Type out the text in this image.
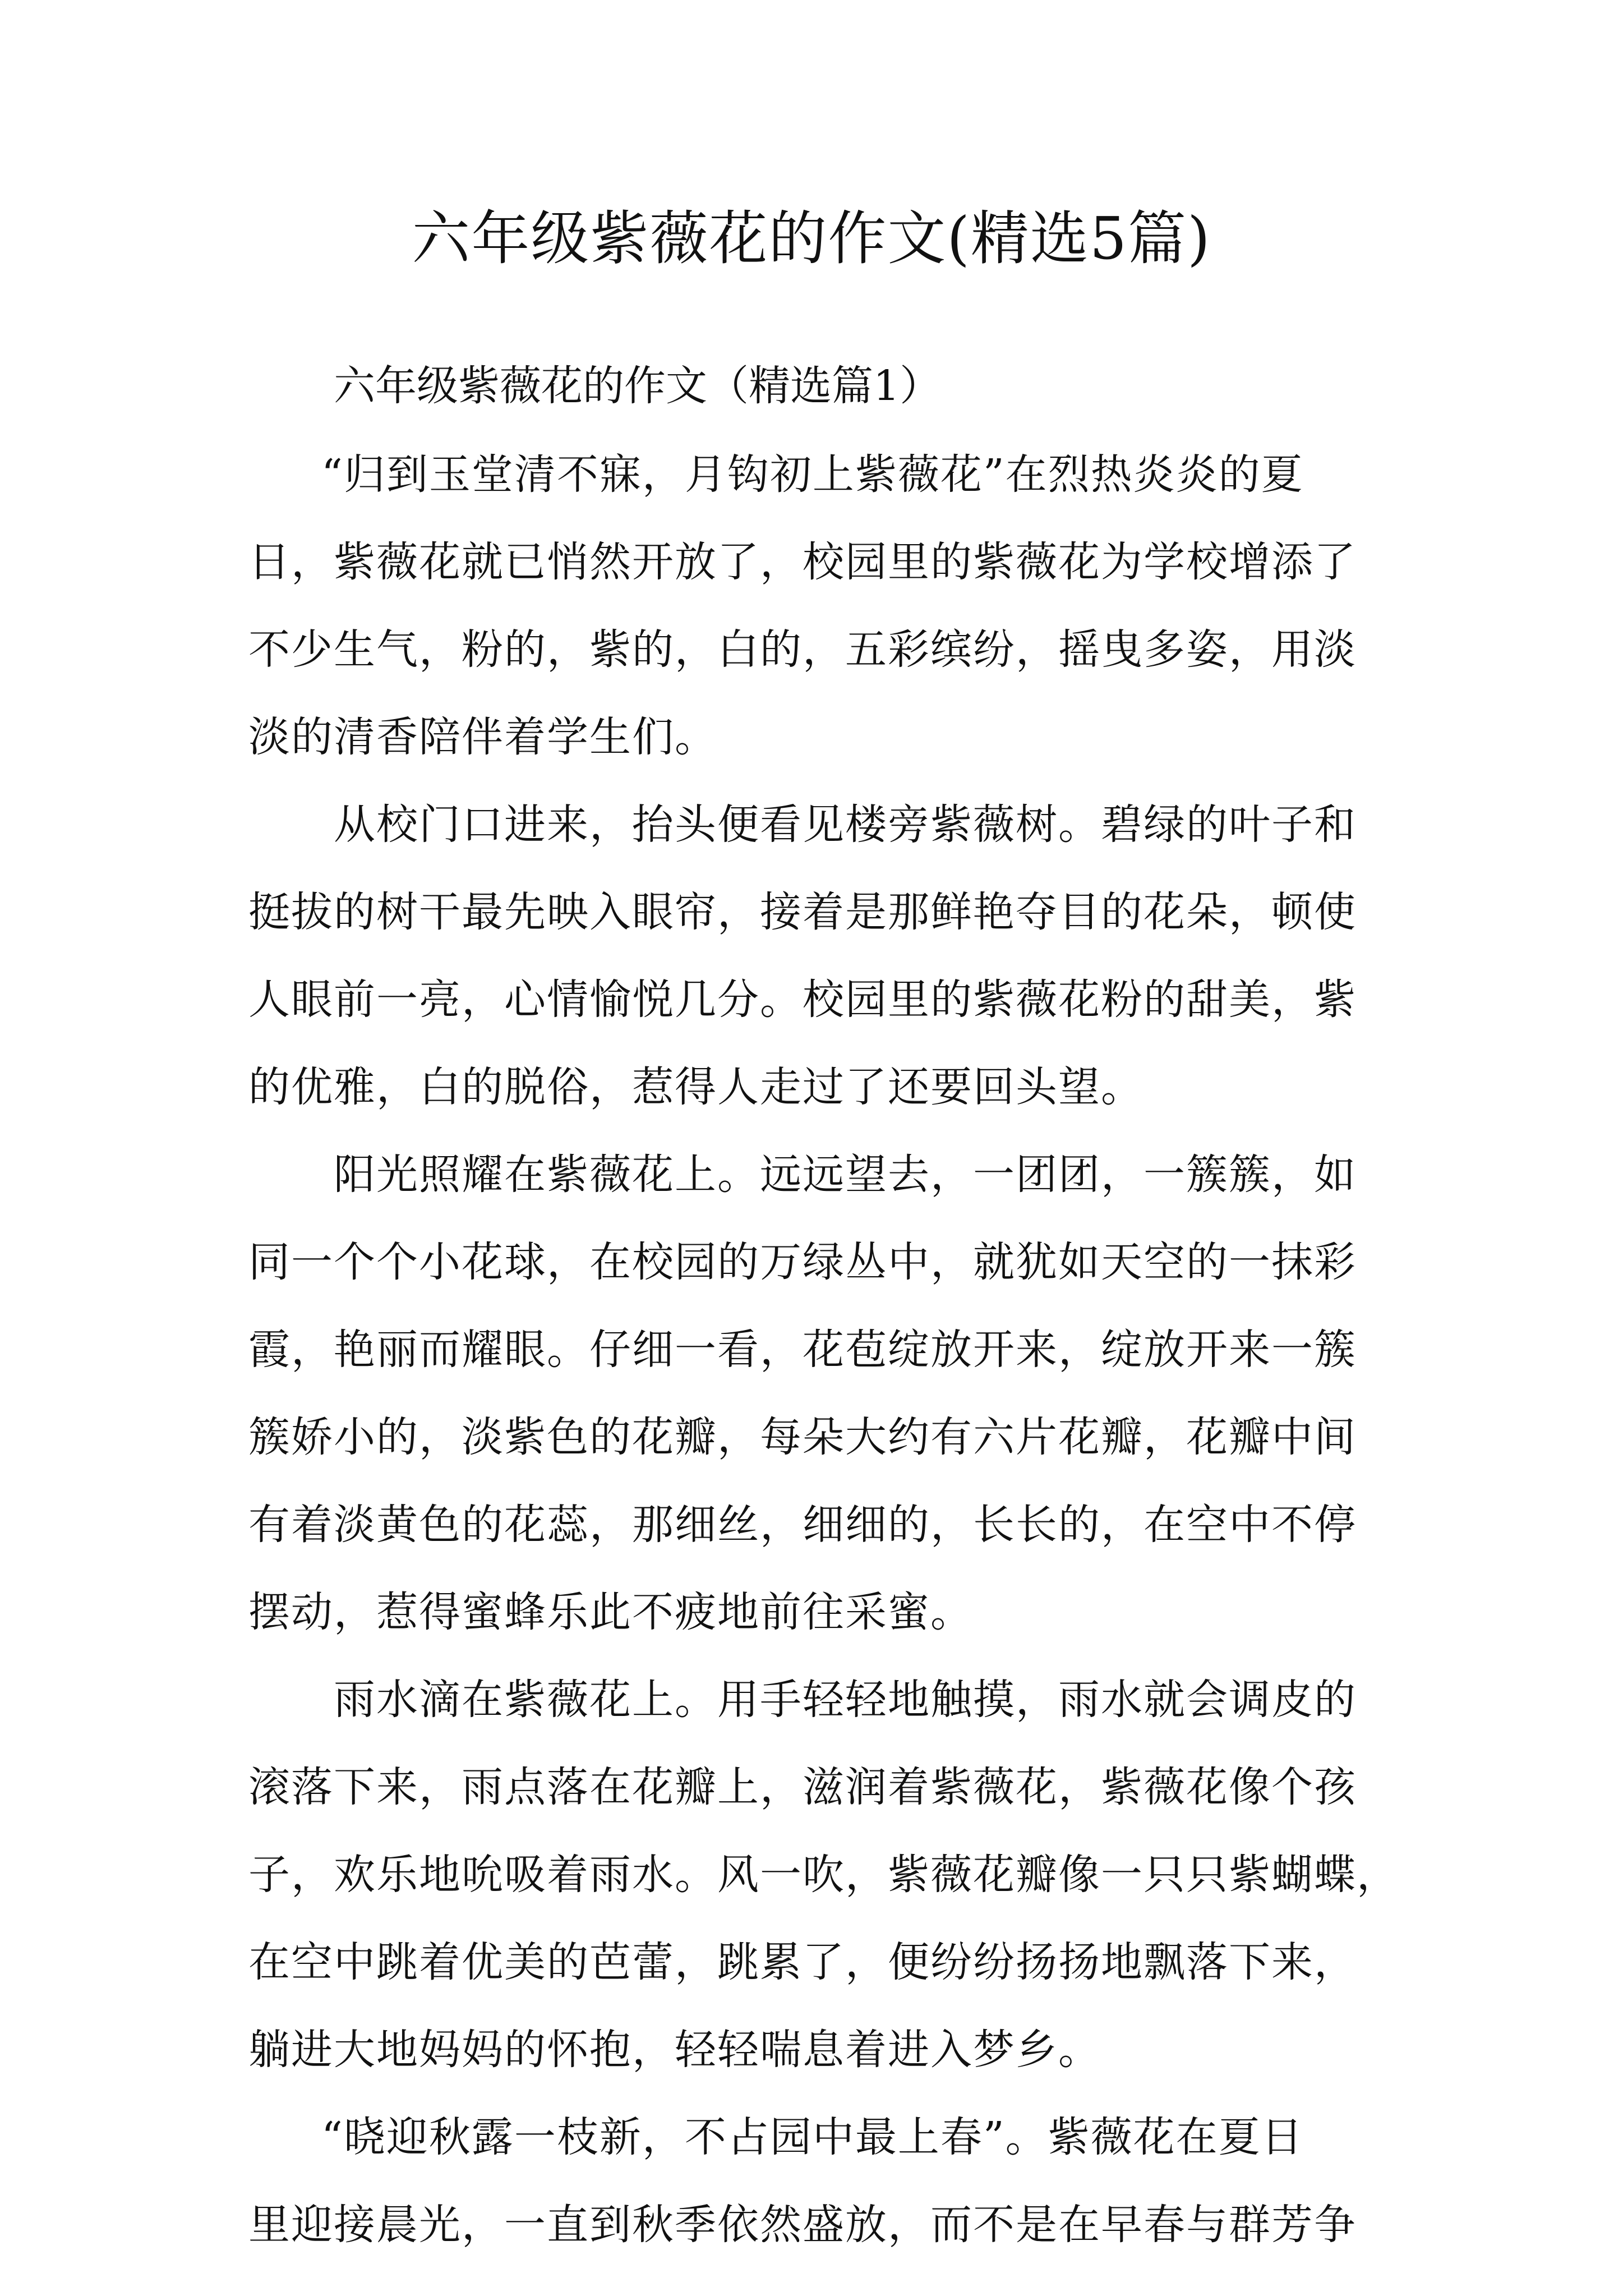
六年级紫薇花的作文(精选5篇)
六年级紫薇花的作文（精选篇1）

“归到玉堂清不寐，月钩初上紫薇花”在烈热炎炎的夏
日，紫薇花就已悄然开放了，校园里的紫薇花为学校增添了
不少生气，粉的，紫的，白的，五彩缤纷，摇曳多姿，用淡
淡的清香陪伴着学生们。

从校门口进来，抬头便看见楼旁紫薇树。碧绿的叶子和
挺拔的树干最先映入眼帘，接着是那鲜艳夺目的花朵，顿使
人眼前一亮，心情愉悦几分。校园里的紫薇花粉的甜美，紫
的优雅，白的脱俗，惹得人走过了还要回头望。

阳光照耀在紫薇花上。远远望去，一团团，一簇簇，如
同一个个小花球，在校园的万绿丛中，就犹如天空的一抹彩
霞，艳丽而耀眼。仔细一看，花苞绽放开来，绽放开来一簇
簇娇小的，淡紫色的花瓣，每朵大约有六片花瓣，花瓣中间
有着淡黄色的花蕊，那细丝，细细的，长长的，在空中不停
摆动，惹得蜜蜂乐此不疲地前往采蜜。

雨水滴在紫薇花上。用手轻轻地触摸，雨水就会调皮的
滚落下来，雨点落在花瓣上，滋润着紫薇花，紫薇花像个孩
子，欢乐地吮吸着雨水。风一吹，紫薇花瓣像一只只紫蝴蝶，
在空中跳着优美的芭蕾，跳累了，便纷纷扬扬地飘落下来，
躺进大地妈妈的怀抱，轻轻喘息着进入梦乡。

“晓迎秋露一枝新，不占园中最上春”。紫薇花在夏日
里迎接晨光，一直到秋季依然盛放，而不是在早春与群芳争
